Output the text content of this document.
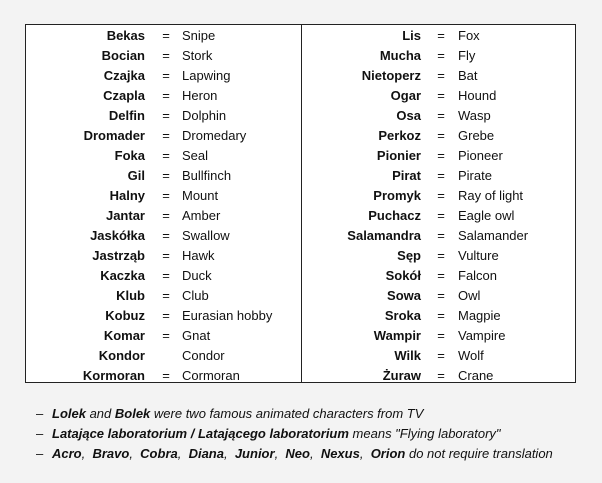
Bekas = Snipe
Bocian = Stork
Czajka = Lapwing
Czapla = Heron
Delfin = Dolphin
Dromader = Dromedary
Foka = Seal
Gil = Bullfinch
Halny = Mount
Jantar = Amber
Jaskółka = Swallow
Jastrząb = Hawk
Kaczka = Duck
Klub = Club
Kobuz = Eurasian hobby
Komar = Gnat
Kondor	Condor
Kormoran = Cormoran
Lis = Fox
Mucha = Fly
Nietoperz = Bat
Ogar = Hound
Osa = Wasp
Perkoz = Grebe
Pionier = Pioneer
Pirat = Pirate
Promyk = Ray of light
Puchacz = Eagle owl
Salamandra = Salamander
Sęp = Vulture
Sokół = Falcon
Sowa = Owl
Sroka = Magpie
Wampir = Vampire
Wilk = Wolf
Żuraw = Crane
– Lolek and Bolek were two famous animated characters from TV
– Latające laboratorium / Latającego laboratorium means "Flying laboratory"
– Acro,  Bravo,  Cobra,  Diana,  Junior,  Neo,  Nexus,  Orion do not require translation
